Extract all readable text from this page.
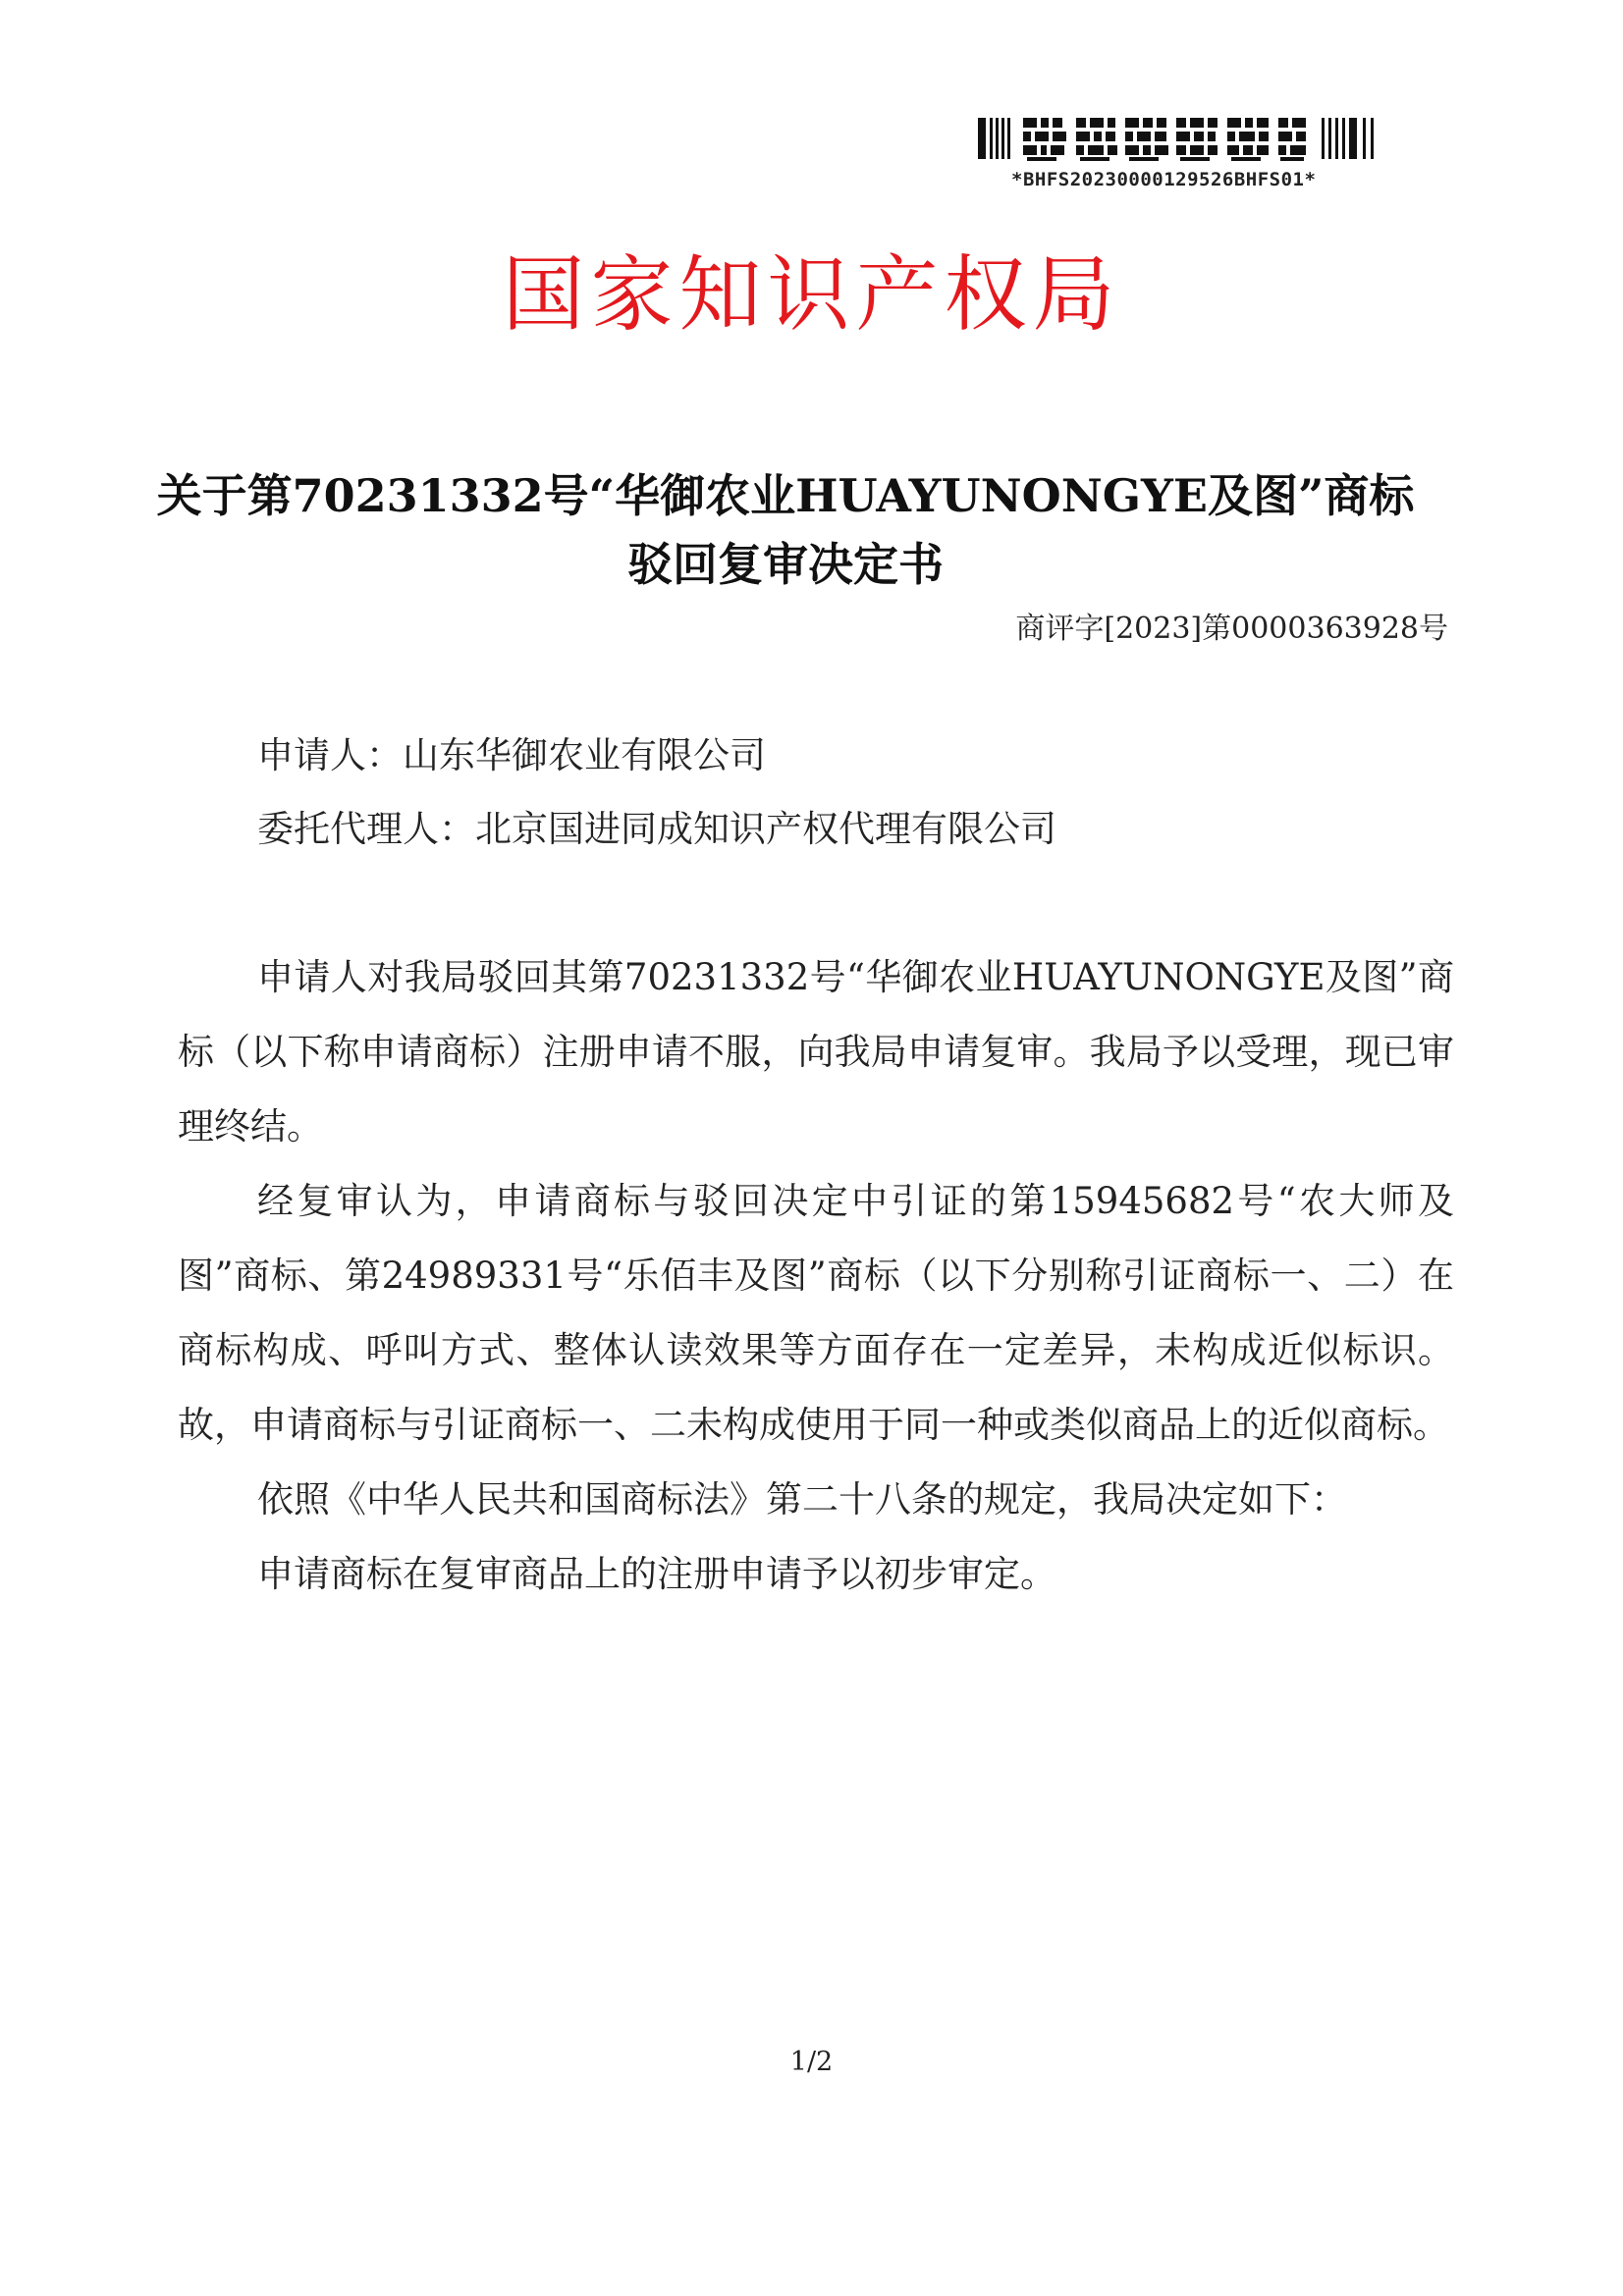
*BHFS20230000129526BHFS01*
国家知识产权局
关于第70231332号“华御农业HUAYUNONGYE及图”商标
驳回复审决定书
商评字[2023]第0000363928号
申请人：山东华御农业有限公司
委托代理人：北京国进同成知识产权代理有限公司

申请人对我局驳回其第70231332号“华御农业HUAYUNONGYE及图”商标（以下称申请商标）注册申请不服，向我局申请复审。我局予以受理，现已审理终结。

经复审认为，申请商标与驳回决定中引证的第15945682号“农大师及图”商标、第24989331号“乐佰丰及图”商标（以下分别称引证商标一、二）在商标构成、呼叫方式、整体认读效果等方面存在一定差异，未构成近似标识。故，申请商标与引证商标一、二未构成使用于同一种或类似商品上的近似商标。

依照《中华人民共和国商标法》第二十八条的规定，我局决定如下：

申请商标在复审商品上的注册申请予以初步审定。

1/2
